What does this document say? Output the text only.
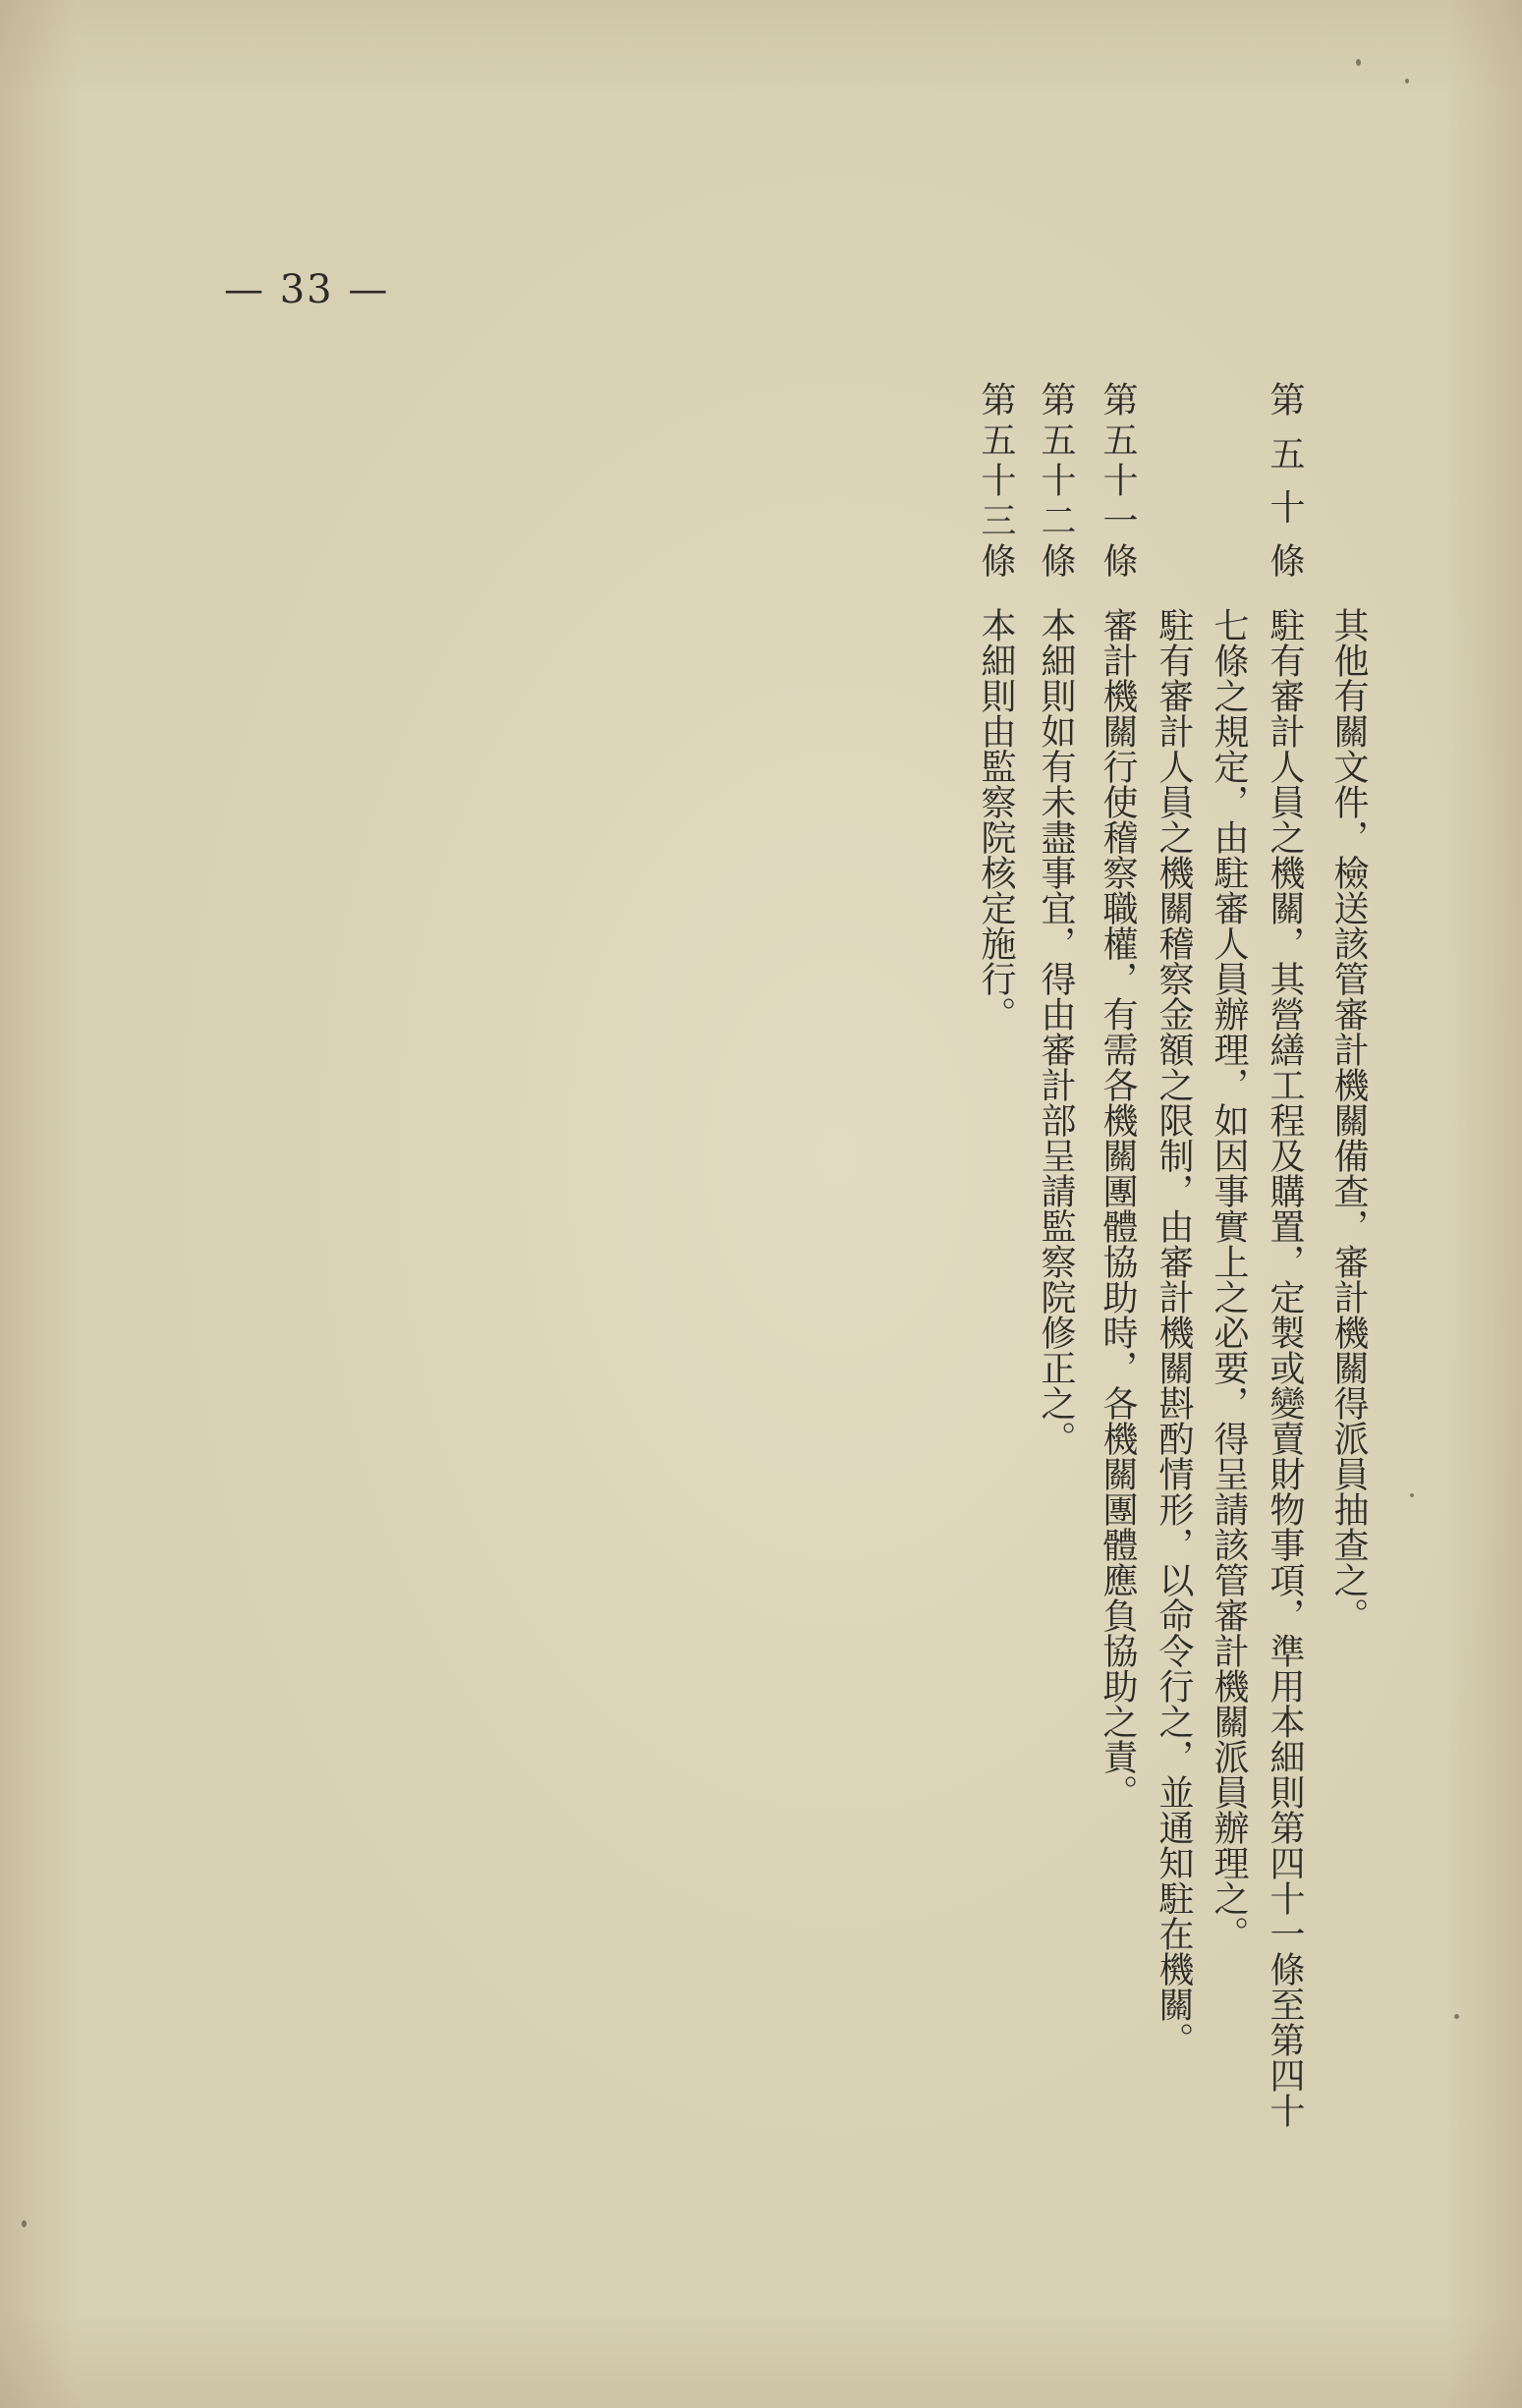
— 33 —
其他有關文件，檢送該管審計機關備查，審計機關得派員抽查之。
第五十條
駐有審計人員之機關，其營繕工程及購置，定製或變賣財物事項，準用本細則第四十一條至第四十
七條之規定，由駐審人員辦理，如因事實上之必要，得呈請該管審計機關派員辦理之。
駐有審計人員之機關稽察金額之限制，由審計機關斟酌情形，以命令行之，並通知駐在機關。
第五十一條
審計機關行使稽察職權，有需各機關團體協助時，各機關團體應負協助之責。
第五十二條
本細則如有未盡事宜，得由審計部呈請監察院修正之。
第五十三條
本細則由監察院核定施行。
